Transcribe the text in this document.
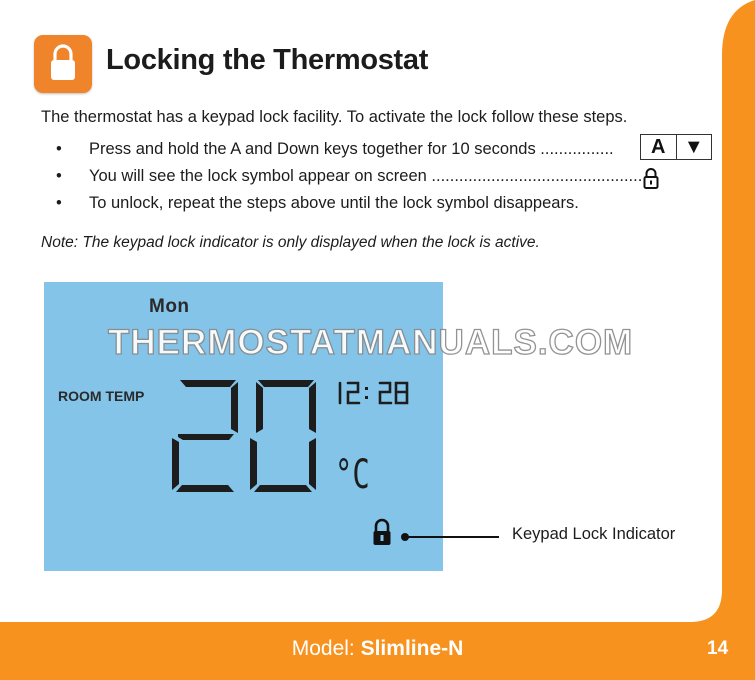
Locking the Thermostat
The thermostat has a keypad lock facility. To activate the lock follow these steps.
• Press and hold the A and Down keys together for 10 seconds ................
• You will see the lock symbol appear on screen ...............................................
• To unlock, repeat the steps above until the lock symbol disappears.
A ▼
Note: The keypad lock indicator is only displayed when the lock is active.
Mon
ROOM TEMP
°C
THERMOSTATMANUALS.COM
Keypad Lock Indicator
Model: Slimline-N	14
